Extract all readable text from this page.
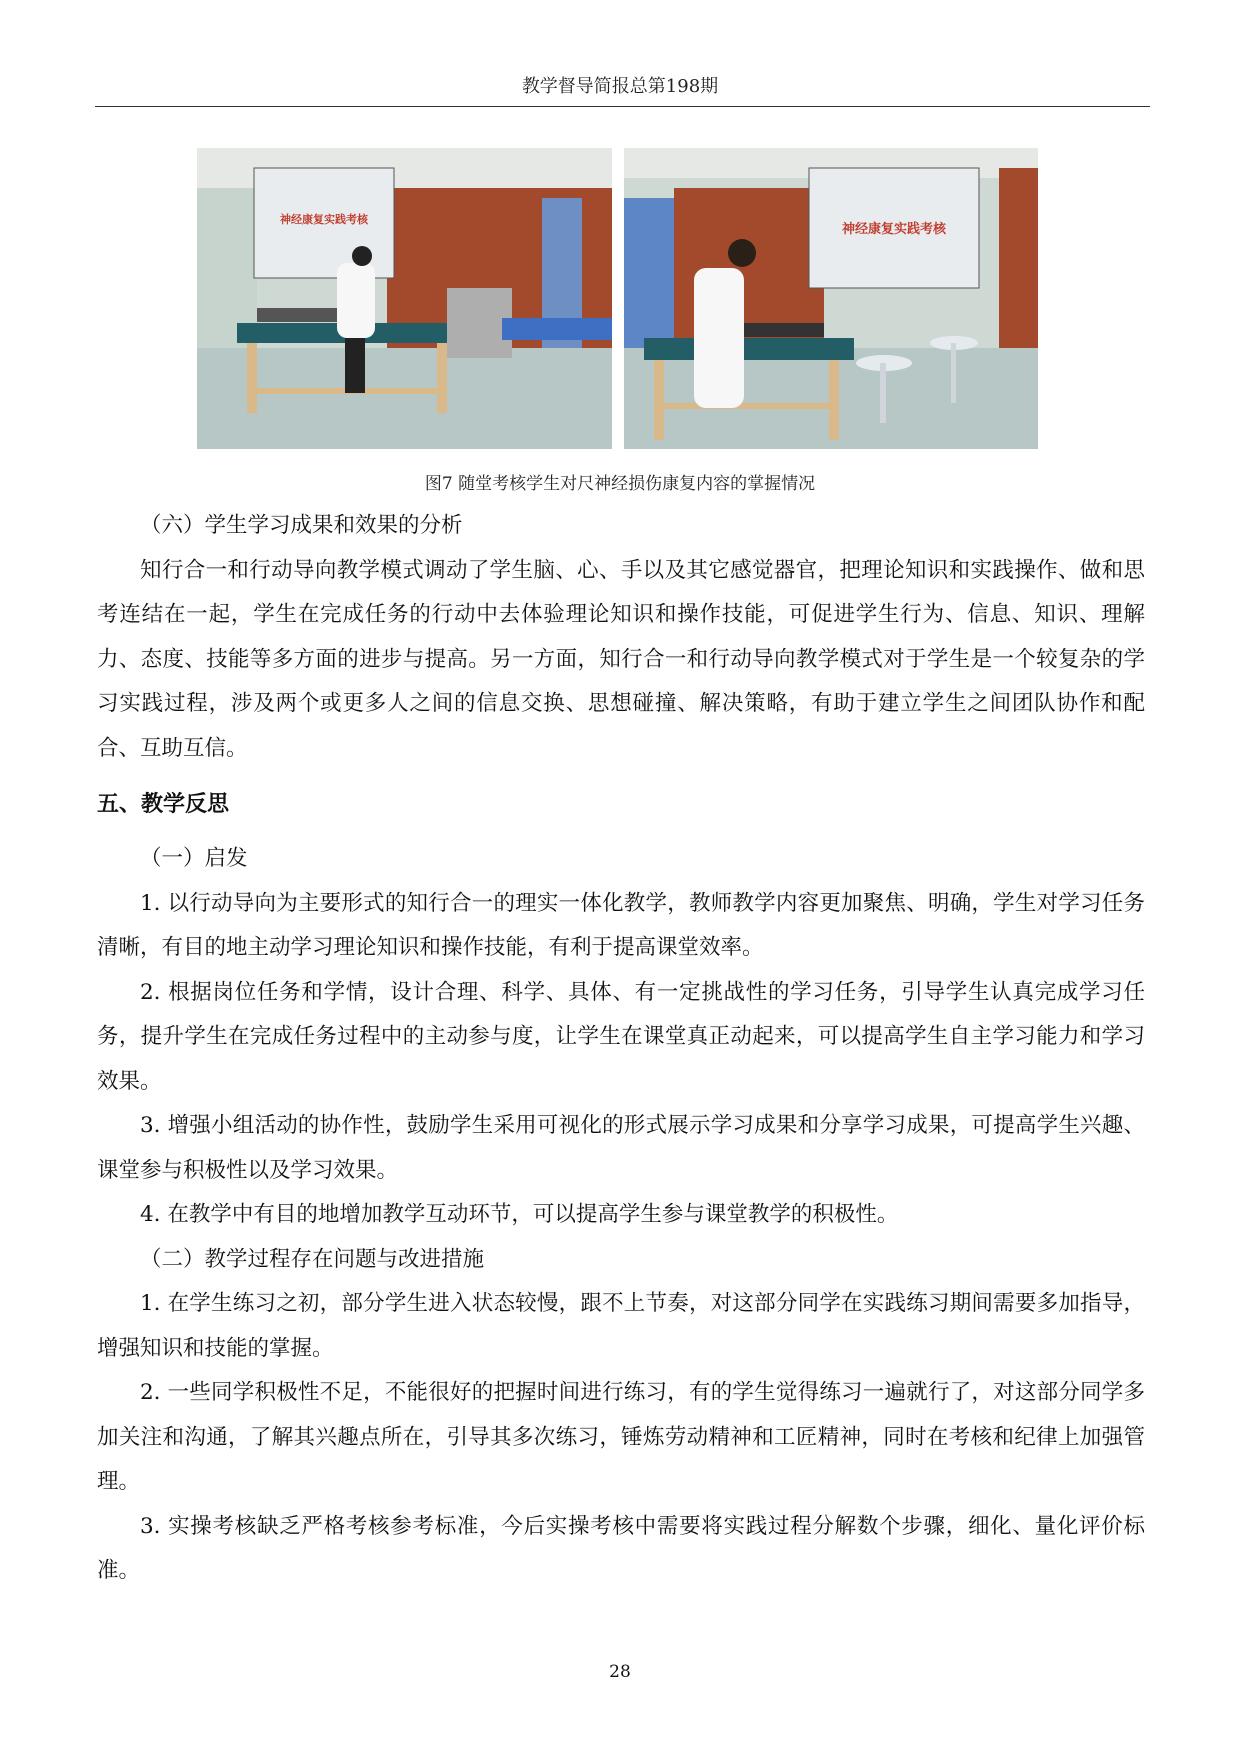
教学督导简报总第198期
神经康复实践考核
神经康复实践考核
图7 随堂考核学生对尺神经损伤康复内容的掌握情况

（六）学生学习成果和效果的分析

知行合一和行动导向教学模式调动了学生脑、心、手以及其它感觉器官，把理论知识和实践操作、做和思考连结在一起，学生在完成任务的行动中去体验理论知识和操作技能，可促进学生行为、信息、知识、理解力、态度、技能等多方面的进步与提高。另一方面，知行合一和行动导向教学模式对于学生是一个较复杂的学习实践过程，涉及两个或更多人之间的信息交换、思想碰撞、解决策略，有助于建立学生之间团队协作和配合、互助互信。

五、教学反思

（一）启发

1. 以行动导向为主要形式的知行合一的理实一体化教学，教师教学内容更加聚焦、明确，学生对学习任务清晰，有目的地主动学习理论知识和操作技能，有利于提高课堂效率。

2. 根据岗位任务和学情，设计合理、科学、具体、有一定挑战性的学习任务，引导学生认真完成学习任务，提升学生在完成任务过程中的主动参与度，让学生在课堂真正动起来，可以提高学生自主学习能力和学习效果。

3. 增强小组活动的协作性，鼓励学生采用可视化的形式展示学习成果和分享学习成果，可提高学生兴趣、课堂参与积极性以及学习效果。

4. 在教学中有目的地增加教学互动环节，可以提高学生参与课堂教学的积极性。

（二）教学过程存在问题与改进措施

1. 在学生练习之初，部分学生进入状态较慢，跟不上节奏，对这部分同学在实践练习期间需要多加指导，增强知识和技能的掌握。

2. 一些同学积极性不足，不能很好的把握时间进行练习，有的学生觉得练习一遍就行了，对这部分同学多加关注和沟通，了解其兴趣点所在，引导其多次练习，锤炼劳动精神和工匠精神，同时在考核和纪律上加强管理。

3. 实操考核缺乏严格考核参考标准，今后实操考核中需要将实践过程分解数个步骤，细化、量化评价标准。

28
